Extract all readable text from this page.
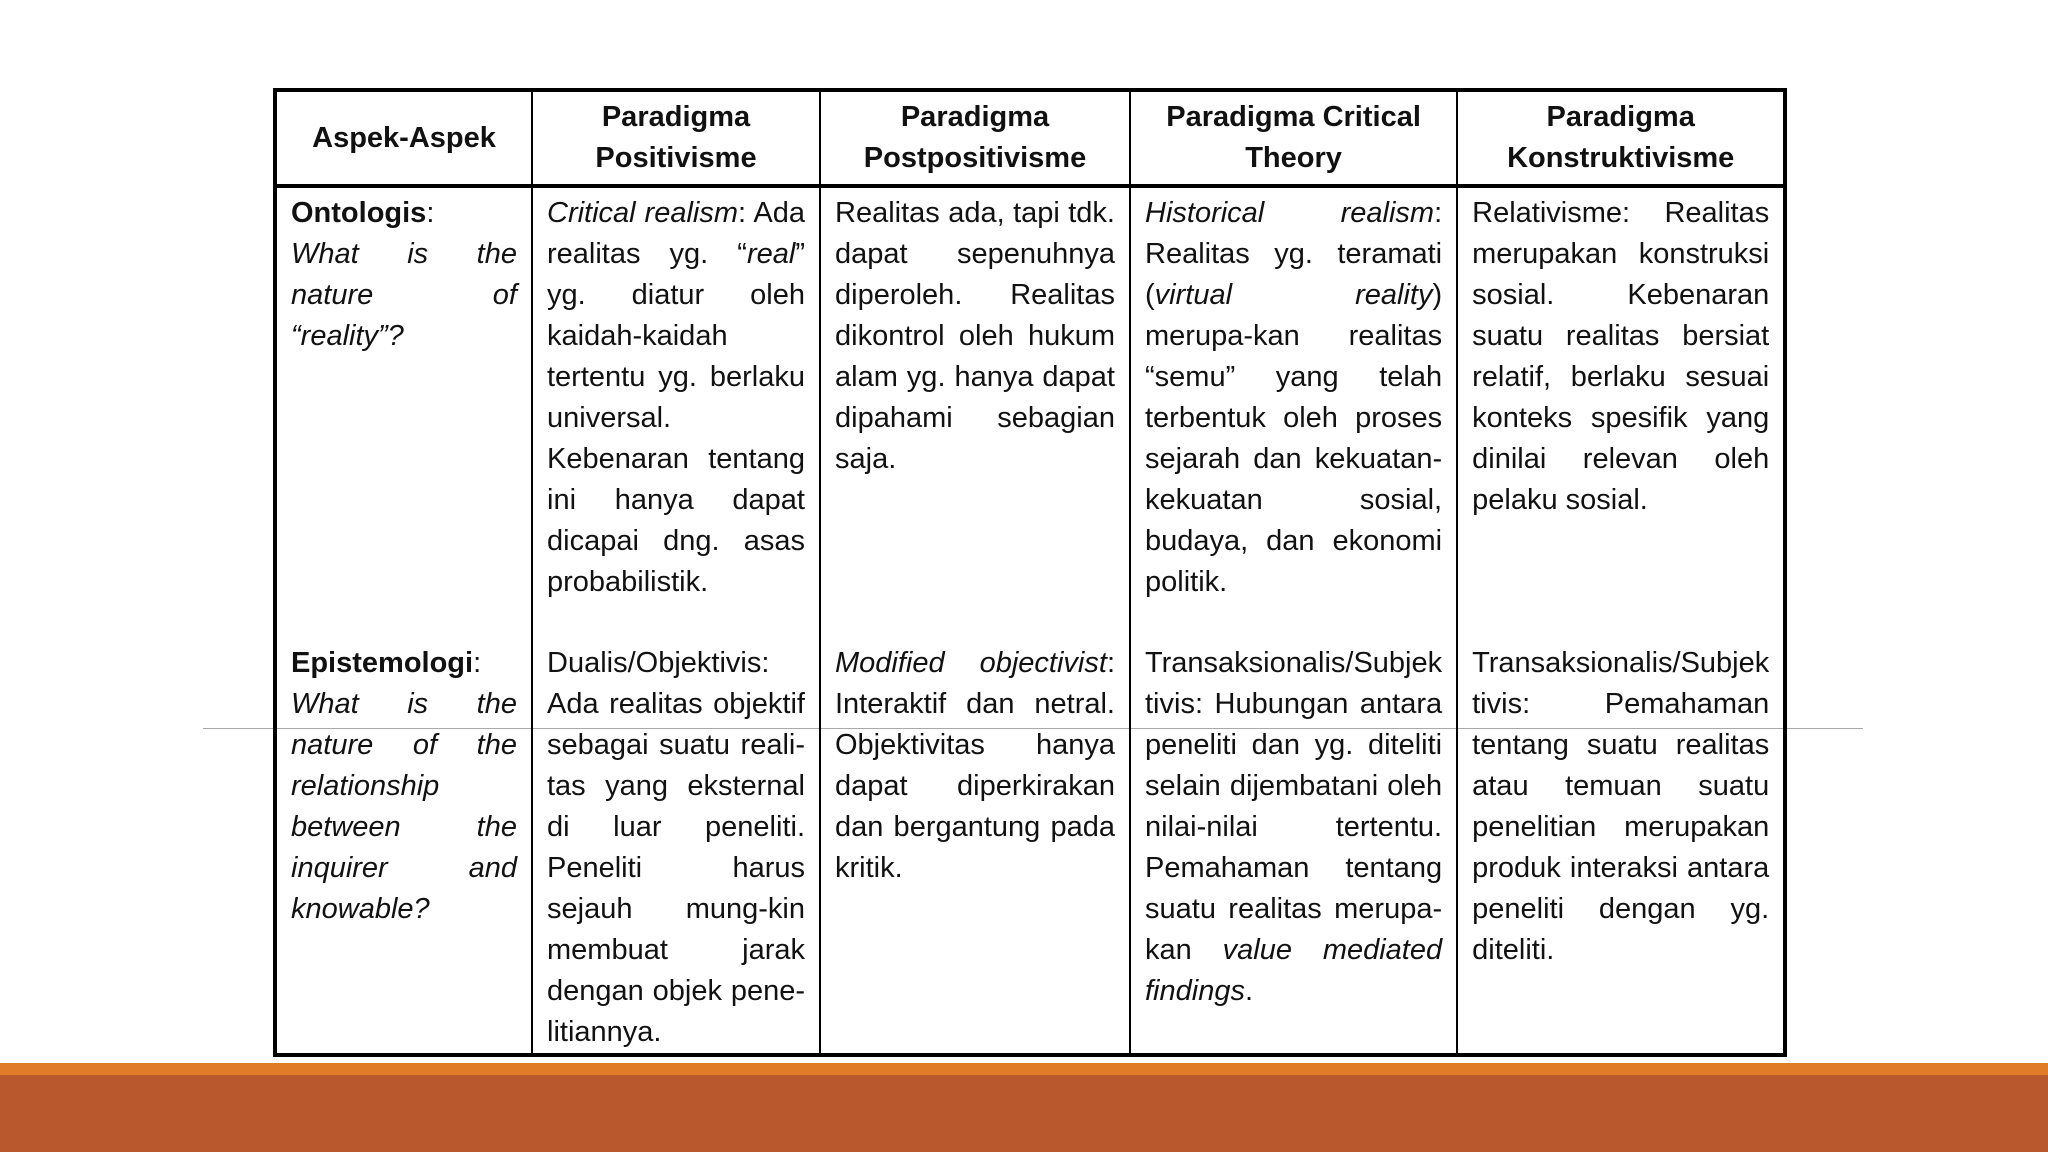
Aspek-Aspek	Paradigma Positivisme	Paradigma Postpositivisme	Paradigma Critical Theory	Paradigma Konstruktivisme
Ontologis:
What is the nature of “reality”?	Critical realism: Ada realitas yg. “real” yg. diatur oleh kaidah-kaidah tertentu yg. berlaku universal. Kebenaran tentang ini hanya dapat dicapai dng. asas probabilistik.	Realitas ada, tapi tdk. dapat sepenuhnya diperoleh. Realitas dikontrol oleh hukum alam yg. hanya dapat dipahami sebagian saja.	Historical realism: Realitas yg. teramati (virtual reality) merupa-kan realitas “semu” yang telah terbentuk oleh proses sejarah dan kekuatan-kekuatan sosial, budaya, dan ekonomi politik.	Relativisme: Realitas merupakan konstruksi sosial. Kebenaran suatu realitas bersiat relatif, berlaku sesuai konteks spesifik yang dinilai relevan oleh pelaku sosial.
Epistemologi:
What is the nature of the relationship between the inquirer and knowable?	Dualis/Objektivis: Ada realitas objektif sebagai suatu reali-tas yang eksternal di luar peneliti. Peneliti harus sejauh mung-kin membuat jarak dengan objek pene-litiannya.	Modified objectivist: Interaktif dan netral. Objektivitas hanya dapat diperkirakan dan bergantung pada kritik.	Transaksionalis/Subjek tivis: Hubungan antara peneliti dan yg. diteliti selain dijembatani oleh nilai-nilai tertentu. Pemahaman tentang suatu realitas merupa-kan value mediated findings.	Transaksionalis/Subjek tivis: Pemahaman tentang suatu realitas atau temuan suatu penelitian merupakan produk interaksi antara peneliti dengan yg. diteliti.
